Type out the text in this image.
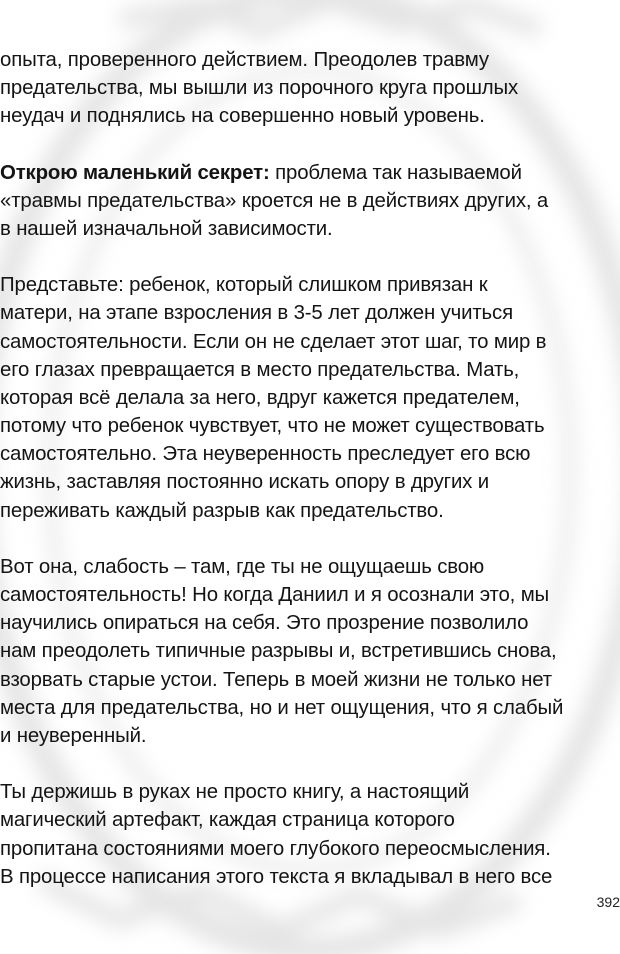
опыта, проверенного действием. Преодолев травму
предательства, мы вышли из порочного круга прошлых
неудач и поднялись на совершенно новый уровень.

Открою маленький секрет: проблема так называемой
«травмы предательства» кроется не в действиях других, а
в нашей изначальной зависимости.

Представьте: ребенок, который слишком привязан к
матери, на этапе взросления в 3-5 лет должен учиться
самостоятельности. Если он не сделает этот шаг, то мир в
его глазах превращается в место предательства. Мать,
которая всё делала за него, вдруг кажется предателем,
потому что ребенок чувствует, что не может существовать
самостоятельно. Эта неуверенность преследует его всю
жизнь, заставляя постоянно искать опору в других и
переживать каждый разрыв как предательство.

Вот она, слабость – там, где ты не ощущаешь свою
самостоятельность! Но когда Даниил и я осознали это, мы
научились опираться на себя. Это прозрение позволило
нам преодолеть типичные разрывы и, встретившись снова,
взорвать старые устои. Теперь в моей жизни не только нет
места для предательства, но и нет ощущения, что я слабый
и неуверенный.

Ты держишь в руках не просто книгу, а настоящий
магический артефакт, каждая страница которого
пропитана состояниями моего глубокого переосмысления.
В процессе написания этого текста я вкладывал в него все

392
